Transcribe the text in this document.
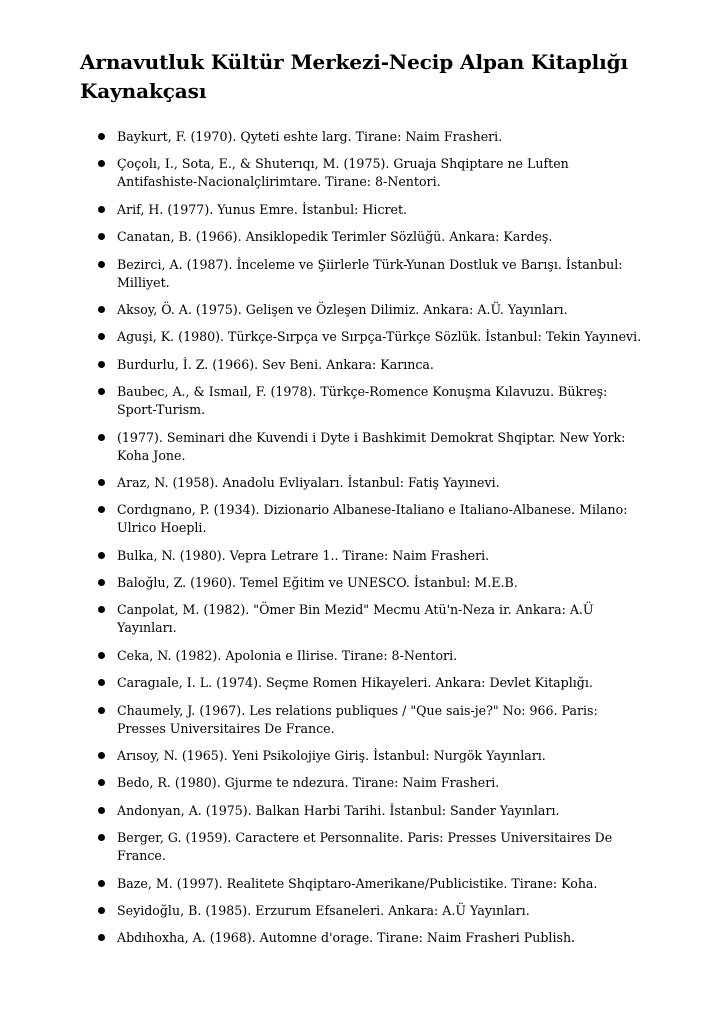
Arnavutluk Kültür Merkezi-Necip Alpan Kitaplığı Kaynakçası
Baykurt, F. (1970). Qyteti eshte larg. Tirane: Naim Frasheri.
Çoçolı, I., Sota, E., & Shuterıqı, M. (1975). Gruaja Shqiptare ne Luften Antifashiste-Nacionalçlirimtare. Tirane: 8-Nentori.
Arif, H. (1977). Yunus Emre. İstanbul: Hicret.
Canatan, B. (1966). Ansiklopedik Terimler Sözlüğü. Ankara: Kardeş.
Bezirci, A. (1987). İnceleme ve Şiirlerle Türk-Yunan Dostluk ve Barışı. İstanbul: Milliyet.
Aksoy, Ö. A. (1975). Gelişen ve Özleşen Dilimiz. Ankara: A.Ü. Yayınları.
Aguşi, K. (1980). Türkçe-Sırpça ve Sırpça-Türkçe Sözlük. İstanbul: Tekin Yayınevi.
Burdurlu, İ. Z. (1966). Sev Beni. Ankara: Karınca.
Baubec, A., & Ismaıl, F. (1978). Türkçe-Romence Konuşma Kılavuzu. Bükreş: Sport-Turism.
(1977). Seminari dhe Kuvendi i Dyte i Bashkimit Demokrat Shqiptar. New York: Koha Jone.
Araz, N. (1958). Anadolu Evliyaları. İstanbul: Fatiş Yayınevi.
Cordıgnano, P. (1934). Dizionario Albanese-Italiano e Italiano-Albanese. Milano: Ulrico Hoepli.
Bulka, N. (1980). Vepra Letrare 1.. Tirane: Naim Frasheri.
Baloğlu, Z. (1960). Temel Eğitim ve UNESCO. İstanbul: M.E.B.
Canpolat, M. (1982). "Ömer Bin Mezid" Mecmu Atü'n-Neza ir. Ankara: A.Ü Yayınları.
Ceka, N. (1982). Apolonia e Ilirise. Tirane: 8-Nentori.
Caragıale, I. L. (1974). Seçme Romen Hikayeleri. Ankara: Devlet Kitaplığı.
Chaumely, J. (1967). Les relations publiques / "Que sais-je?" No: 966. Paris: Presses Universitaires De France.
Arısoy, N. (1965). Yeni Psikolojiye Giriş. İstanbul: Nurgök Yayınları.
Bedo, R. (1980). Gjurme te ndezura. Tirane: Naim Frasheri.
Andonyan, A. (1975). Balkan Harbi Tarihi. İstanbul: Sander Yayınları.
Berger, G. (1959). Caractere et Personnalite. Paris: Presses Universitaires De France.
Baze, M. (1997). Realitete Shqiptaro-Amerikane/Publicistike. Tirane: Koha.
Seyidoğlu, B. (1985). Erzurum Efsaneleri. Ankara: A.Ü Yayınları.
Abdıhoxha, A. (1968). Automne d'orage. Tirane: Naim Frasheri Publish.
